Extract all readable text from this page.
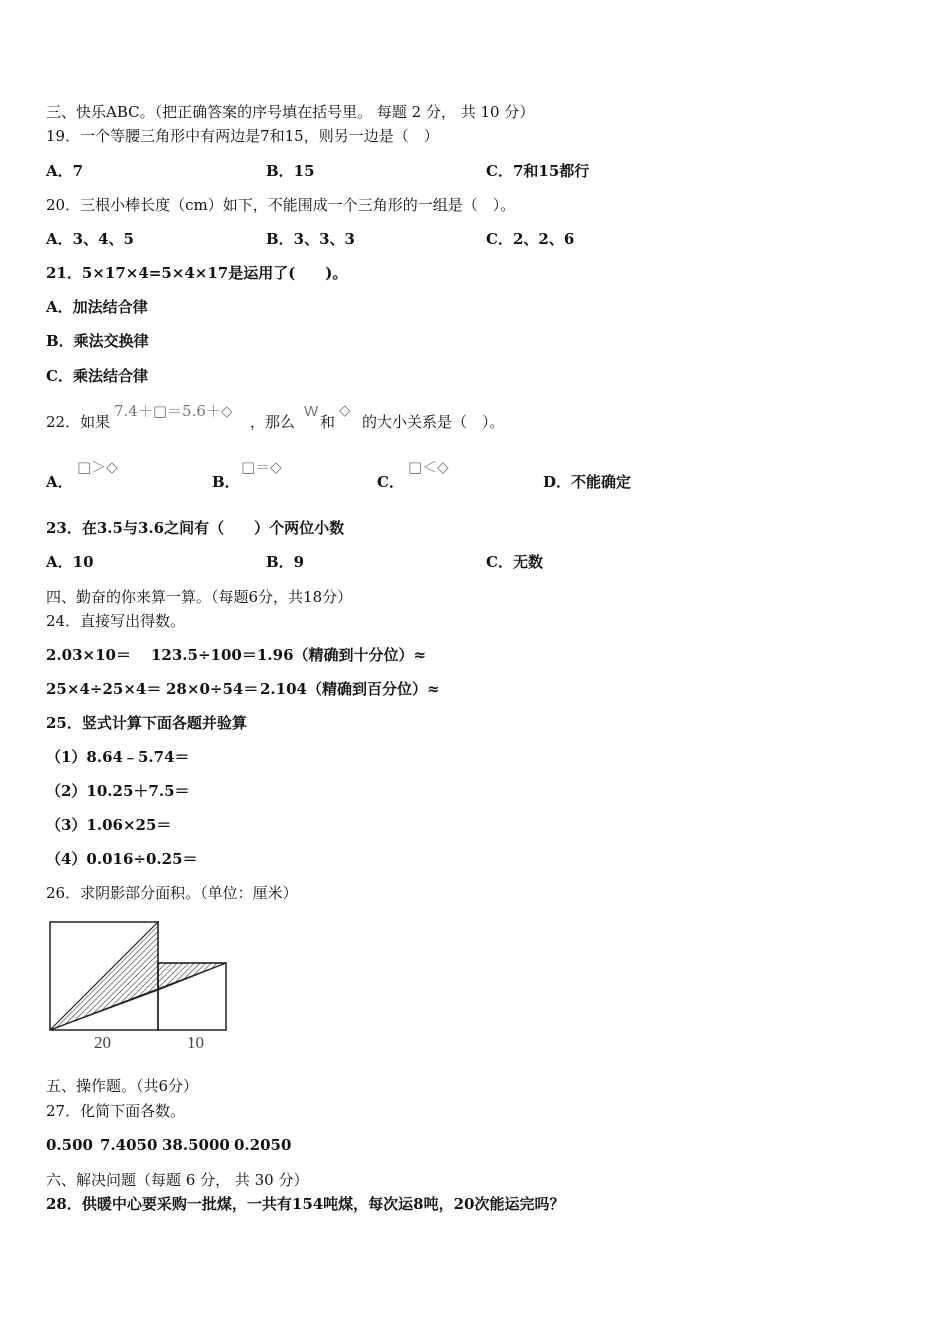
三、快乐ABC。（把正确答案的序号填在括号里。 每题 2 分， 共 10 分）
19．一个等腰三角形中有两边是7和15，则另一边是（　）
A．7	B．15	C．7和15都行
20．三根小棒长度（cm）如下，不能围成一个三角形的一组是（　）。
A．3、4、5	B．3、3、3	C．2、2、6
21．5×17×4=5×4×17是运用了(　　)。
A．加法结合律
B．乘法交换律
C．乘法结合律
22．如果
7.4＋□＝5.6＋◇
，那么
W
和
◇
的大小关系是（　）。
A．
□＞◇
B．
□＝◇
C．
□＜◇
D．不能确定
23．在3.5与3.6之间有（　　）个两位小数
A．10	B．9	C．无数
四、勤奋的你来算一算。（每题6分，共18分）
24．直接写出得数。
2.03×10＝ 123.5÷100＝ 1.96（精确到十分位）≈
25×4÷25×4＝ 28×0÷54＝ 2.104（精确到百分位）≈
25．竖式计算下面各题并验算
（1）8.64﹣5.74＝
（2）10.25＋7.5＝
（3）1.06×25＝
（4）0.016÷0.25＝
26．求阴影部分面积。（单位：厘米）
20	10
五、操作题。（共6分）
27．化简下面各数。
0.500 7.4050 38.5000 0.2050
六、解决问题（每题 6 分， 共 30 分）
28．供暖中心要采购一批煤，一共有154吨煤，每次运8吨，20次能运完吗？
